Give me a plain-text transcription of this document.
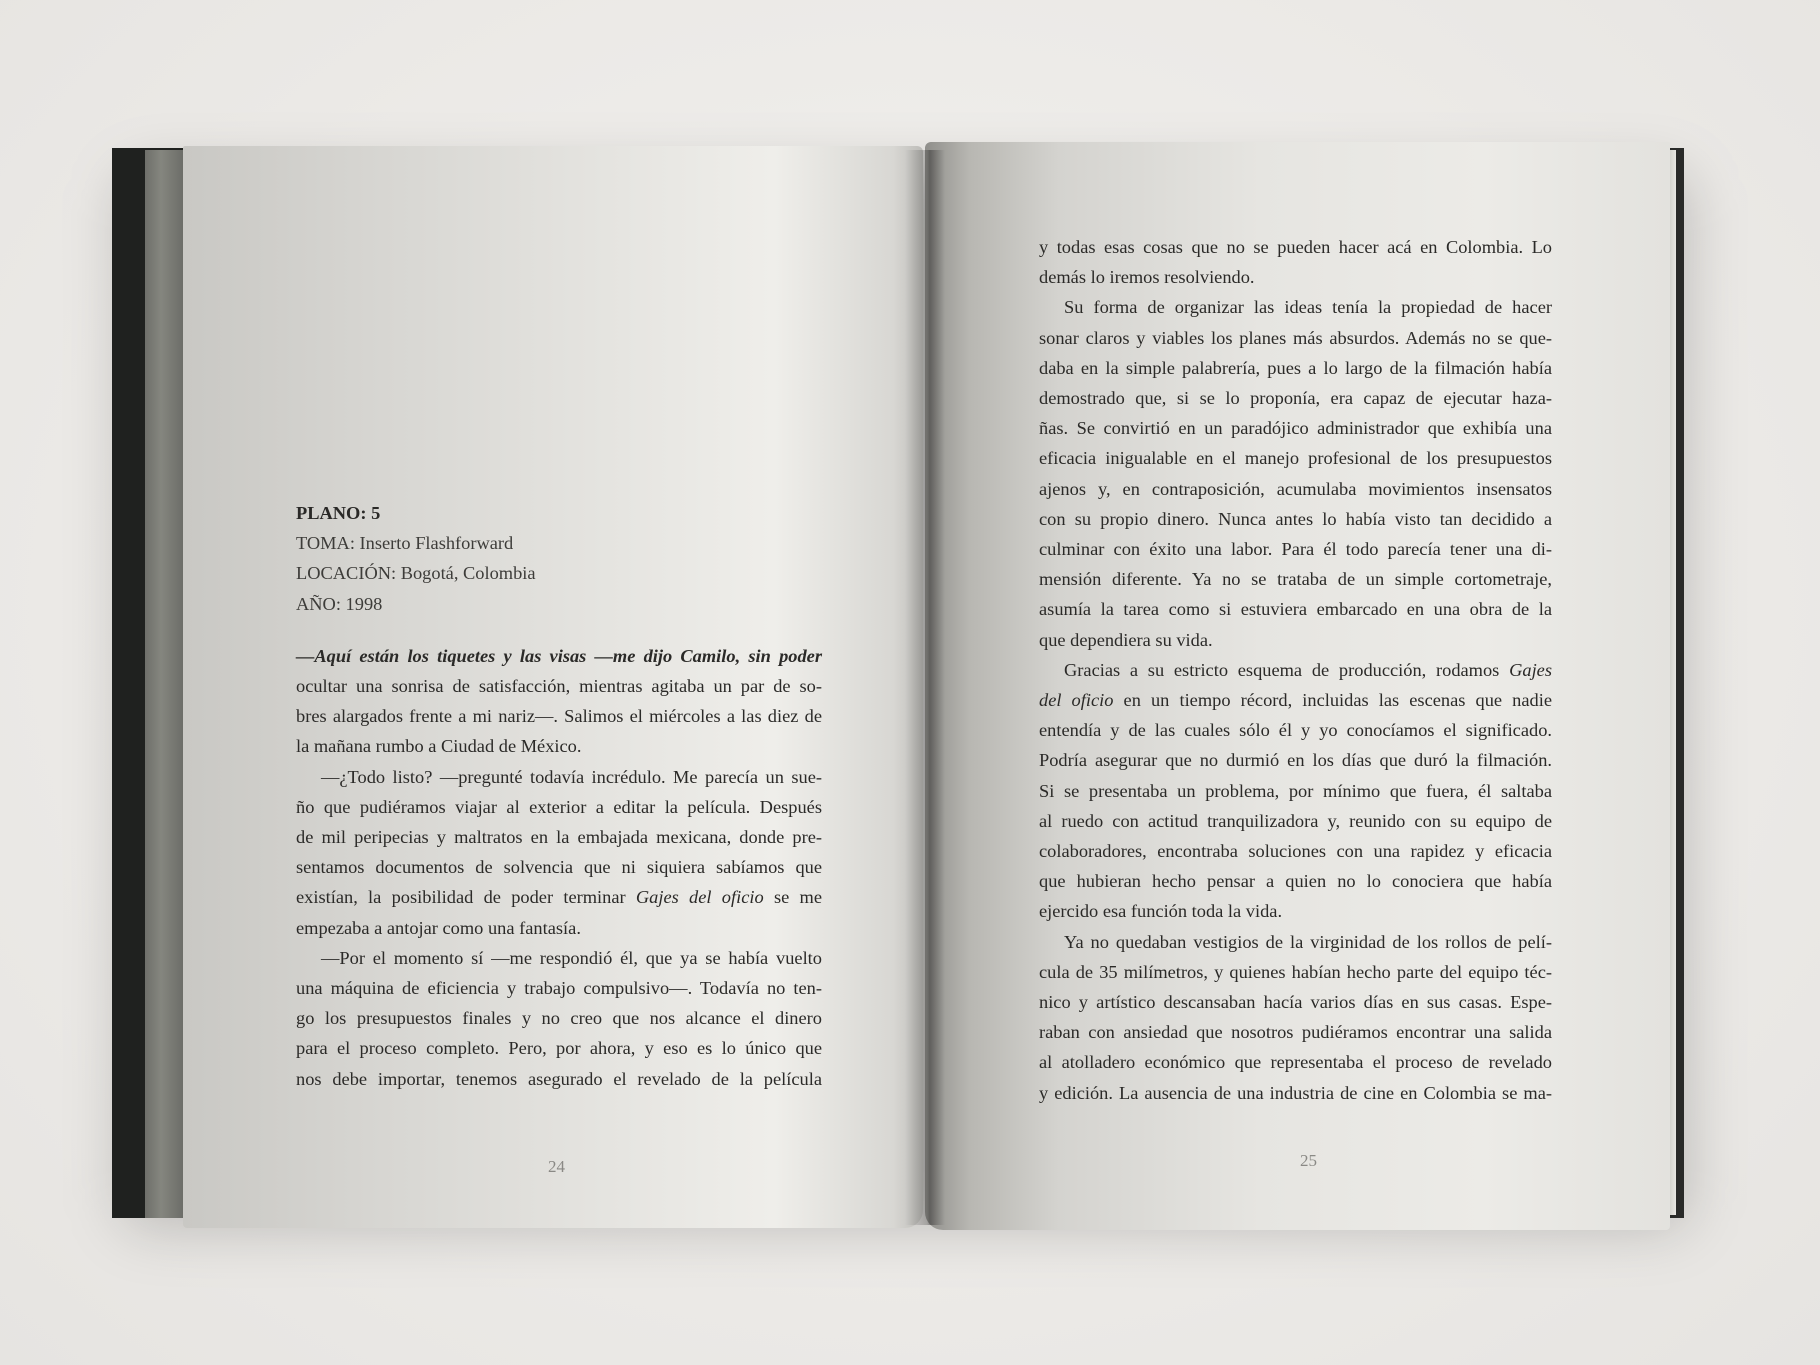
PLANO: 5
TOMA: Inserto Flashforward
LOCACIÓN: Bogotá, Colombia
AÑO: 1998
—Aquí están los tiquetes y las visas —me dijo Camilo, sin poder
ocultar una sonrisa de satisfacción, mientras agitaba un par de so-
bres alargados frente a mi nariz—. Salimos el miércoles a las diez de
la mañana rumbo a Ciudad de México.
—¿Todo listo? —pregunté todavía incrédulo. Me parecía un sue-
ño que pudiéramos viajar al exterior a editar la película. Después
de mil peripecias y maltratos en la embajada mexicana, donde pre-
sentamos documentos de solvencia que ni siquiera sabíamos que
existían, la posibilidad de poder terminar Gajes del oficio se me
empezaba a antojar como una fantasía.
—Por el momento sí —me respondió él, que ya se había vuelto
una máquina de eficiencia y trabajo compulsivo—. Todavía no ten-
go los presupuestos finales y no creo que nos alcance el dinero
para el proceso completo. Pero, por ahora, y eso es lo único que
nos debe importar, tenemos asegurado el revelado de la película
24
y todas esas cosas que no se pueden hacer acá en Colombia. Lo
demás lo iremos resolviendo.
Su forma de organizar las ideas tenía la propiedad de hacer
sonar claros y viables los planes más absurdos. Además no se que-
daba en la simple palabrería, pues a lo largo de la filmación había
demostrado que, si se lo proponía, era capaz de ejecutar haza-
ñas. Se convirtió en un paradójico administrador que exhibía una
eficacia inigualable en el manejo profesional de los presupuestos
ajenos y, en contraposición, acumulaba movimientos insensatos
con su propio dinero. Nunca antes lo había visto tan decidido a
culminar con éxito una labor. Para él todo parecía tener una di-
mensión diferente. Ya no se trataba de un simple cortometraje,
asumía la tarea como si estuviera embarcado en una obra de la
que dependiera su vida.
Gracias a su estricto esquema de producción, rodamos Gajes
del oficio en un tiempo récord, incluidas las escenas que nadie
entendía y de las cuales sólo él y yo conocíamos el significado.
Podría asegurar que no durmió en los días que duró la filmación.
Si se presentaba un problema, por mínimo que fuera, él saltaba
al ruedo con actitud tranquilizadora y, reunido con su equipo de
colaboradores, encontraba soluciones con una rapidez y eficacia
que hubieran hecho pensar a quien no lo conociera que había
ejercido esa función toda la vida.
Ya no quedaban vestigios de la virginidad de los rollos de pelí-
cula de 35 milímetros, y quienes habían hecho parte del equipo téc-
nico y artístico descansaban hacía varios días en sus casas. Espe-
raban con ansiedad que nosotros pudiéramos encontrar una salida
al atolladero económico que representaba el proceso de revelado
y edición. La ausencia de una industria de cine en Colombia se ma-
25
